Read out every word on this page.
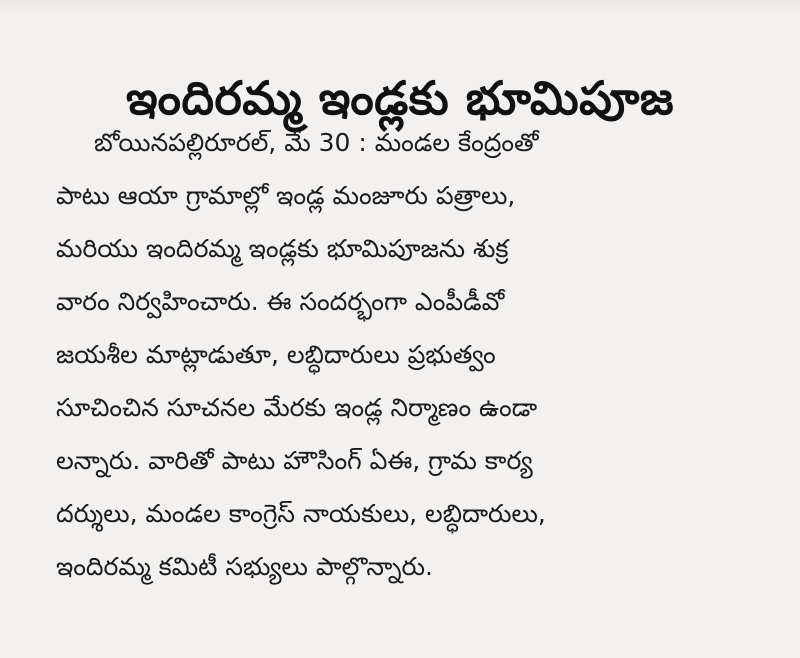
ఇందిరమ్మ ఇండ్లకు భూమిపూజ
బోయినపల్లిరూరల్, మే 30 : మండల కేంద్రంతో
పాటు ఆయా గ్రామాల్లో ఇండ్ల మంజూరు పత్రాలు,
మరియు ఇందిరమ్మ ఇండ్లకు భూమిపూజను శుక్ర
వారం నిర్వహించారు. ఈ సందర్భంగా ఎంపీడీవో
జయశీల మాట్లాడుతూ, లబ్ధిదారులు ప్రభుత్వం
సూచించిన సూచనల మేరకు ఇండ్ల నిర్మాణం ఉండా
లన్నారు. వారితో పాటు హౌసింగ్ ఏఈ, గ్రామ కార్య
దర్శులు, మండల కాంగ్రెస్ నాయకులు, లబ్ధిదారులు,
ఇందిరమ్మ కమిటీ సభ్యులు పాల్గొన్నారు.
